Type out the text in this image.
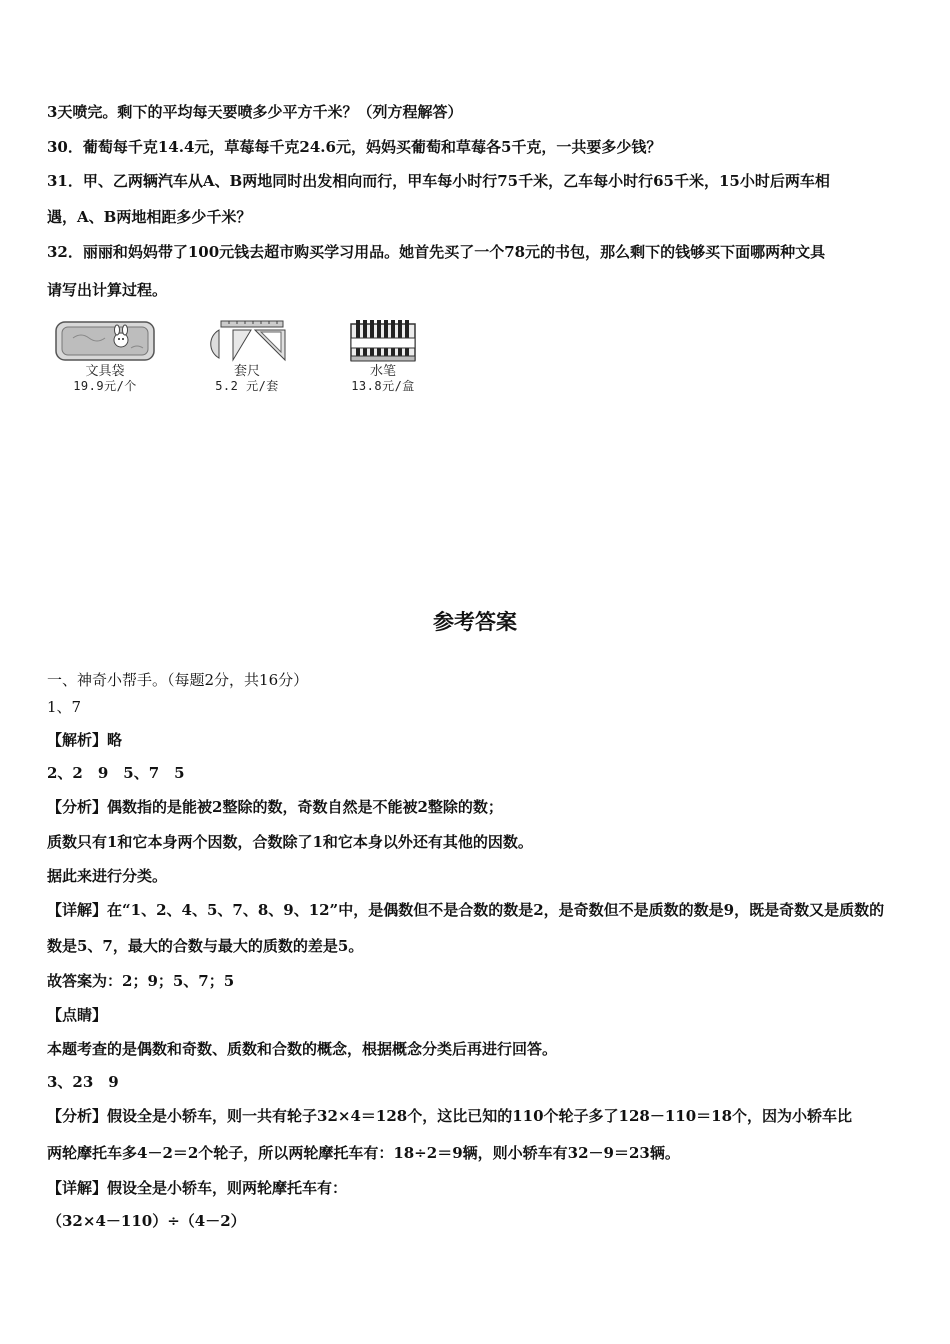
3天喷完。剩下的平均每天要喷多少平方千米？（列方程解答）
30．葡萄每千克14.4元，草莓每千克24.6元，妈妈买葡萄和草莓各5千克，一共要多少钱？
31．甲、乙两辆汽车从A、B两地同时出发相向而行，甲车每小时行75千米，乙车每小时行65千米，15小时后两车相
遇，A、B两地相距多少千米？
32．丽丽和妈妈带了100元钱去超市购买学习用品。她首先买了一个78元的书包，那么剩下的钱够买下面哪两种文具
请写出计算过程。
文具袋
19.9元/个
套尺
5.2 元/套
水笔
13.8元/盒
参考答案
一、神奇小帮手。（每题2分，共16分）
1、7
【解析】略
2、2　9　5、7　5
【分析】偶数指的是能被2整除的数，奇数自然是不能被2整除的数；
质数只有1和它本身两个因数，合数除了1和它本身以外还有其他的因数。
据此来进行分类。
【详解】在“1、2、4、5、7、8、9、12”中，是偶数但不是合数的数是2，是奇数但不是质数的数是9，既是奇数又是质数的
数是5、7，最大的合数与最大的质数的差是5。
故答案为：2；9；5、7；5
【点睛】
本题考查的是偶数和奇数、质数和合数的概念，根据概念分类后再进行回答。
3、23　9
【分析】假设全是小轿车，则一共有轮子32×4＝128个，这比已知的110个轮子多了128－110＝18个，因为小轿车比
两轮摩托车多4－2＝2个轮子，所以两轮摩托车有：18÷2＝9辆，则小轿车有32－9＝23辆。
【详解】假设全是小轿车，则两轮摩托车有：
（32×4－110）÷（4－2）
